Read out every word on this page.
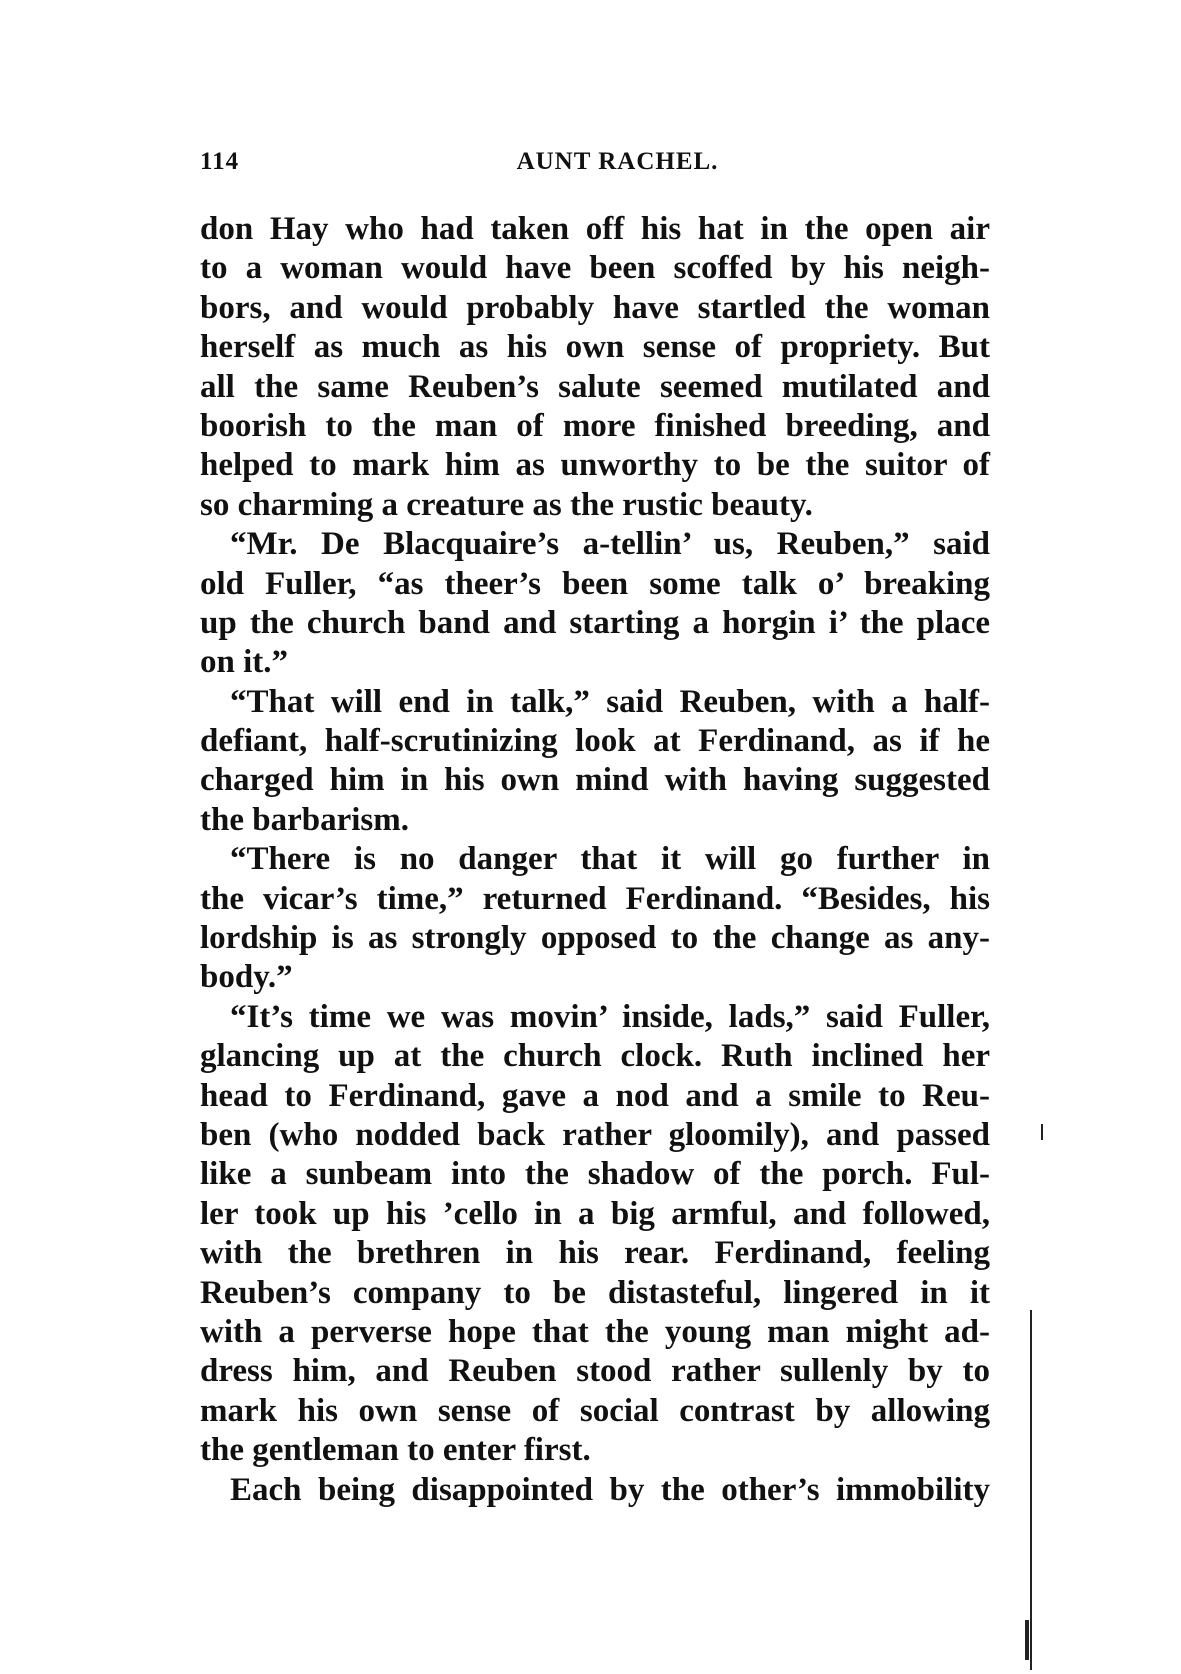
114	AUNT RACHEL.
don Hay who had taken off his hat in the open air
to a woman would have been scoffed by his neigh-
bors, and would probably have startled the woman
herself as much as his own sense of propriety. But
all the same Reuben’s salute seemed mutilated and
boorish to the man of more finished breeding, and
helped to mark him as unworthy to be the suitor of
so charming a creature as the rustic beauty.
“Mr. De Blacquaire’s a-tellin’ us, Reuben,” said
old Fuller, “as theer’s been some talk o’ breaking
up the church band and starting a horgin i’ the place
on it.”
“That will end in talk,” said Reuben, with a half-
defiant, half-scrutinizing look at Ferdinand, as if he
charged him in his own mind with having suggested
the barbarism.
“There is no danger that it will go further in
the vicar’s time,” returned Ferdinand. “Besides, his
lordship is as strongly opposed to the change as any-
body.”
“It’s time we was movin’ inside, lads,” said Fuller,
glancing up at the church clock. Ruth inclined her
head to Ferdinand, gave a nod and a smile to Reu-
ben (who nodded back rather gloomily), and passed
like a sunbeam into the shadow of the porch. Ful-
ler took up his ’cello in a big armful, and followed,
with the brethren in his rear. Ferdinand, feeling
Reuben’s company to be distasteful, lingered in it
with a perverse hope that the young man might ad-
dress him, and Reuben stood rather sullenly by to
mark his own sense of social contrast by allowing
the gentleman to enter first.
Each being disappointed by the other’s immobility
